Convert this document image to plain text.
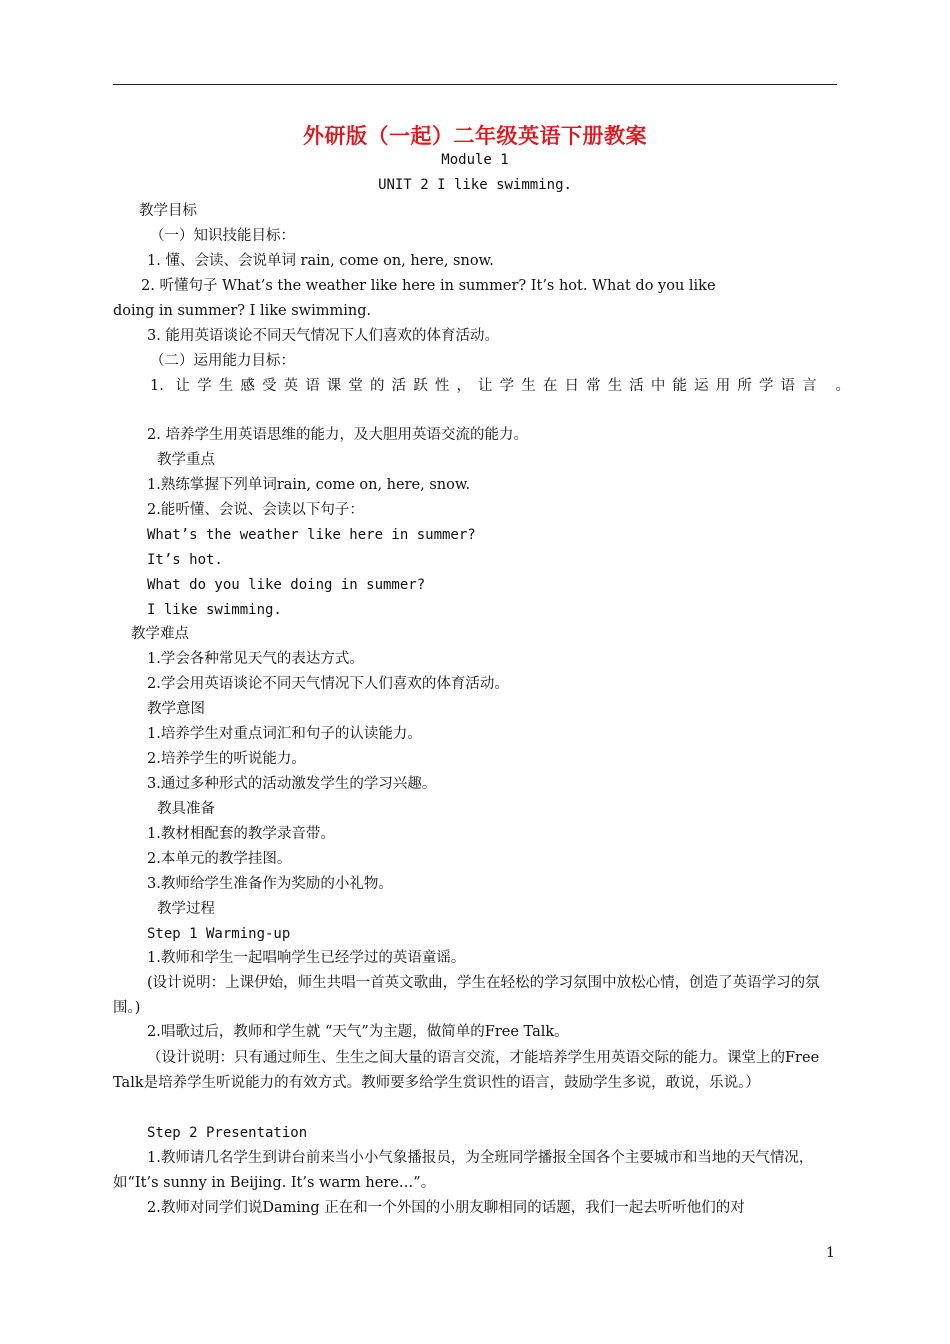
外研版（一起）二年级英语下册教案
Module 1
UNIT 2 I like swimming.
教学目标
（一）知识技能目标：
1. 懂、会读、会说单词 rain, come on, here, snow.
2. 听懂句子 What’s the weather like here in summer? It’s hot. What do you like
doing in summer? I like swimming.
3. 能用英语谈论不同天气情况下人们喜欢的体育活动。
（二）运用能力目标：
1. 让学生感受英语课堂的活跃性，让学生在日常生活中能运用所学语言 。
2. 培养学生用英语思维的能力，及大胆用英语交流的能力。
教学重点
1.熟练掌握下列单词rain, come on, here, snow.
2.能听懂、会说、会读以下句子：
What’s the weather like here in summer?
It’s hot.
What do you like doing in summer?
I like swimming.
教学难点
1.学会各种常见天气的表达方式。
2.学会用英语谈论不同天气情况下人们喜欢的体育活动。
教学意图
1.培养学生对重点词汇和句子的认读能力。
2.培养学生的听说能力。
3.通过多种形式的活动激发学生的学习兴趣。
教具准备
1.教材相配套的教学录音带。
2.本单元的教学挂图。
3.教师给学生准备作为奖励的小礼物。
教学过程
Step 1 Warming-up
1.教师和学生一起唱响学生已经学过的英语童谣。
(设计说明：上课伊始，师生共唱一首英文歌曲，学生在轻松的学习氛围中放松心情，创造了英语学习的氛围。)
2.唱歌过后，教师和学生就 “天气”为主题，做简单的Free Talk。
（设计说明：只有通过师生、生生之间大量的语言交流，才能培养学生用英语交际的能力。课堂上的Free Talk是培养学生听说能力的有效方式。教师要多给学生赏识性的语言，鼓励学生多说，敢说，乐说。）
Step 2 Presentation
1.教师请几名学生到讲台前来当小小气象播报员，为全班同学播报全国各个主要城市和当地的天气情况，如“It’s sunny in Beijing. It’s warm here…”。
2.教师对同学们说Daming 正在和一个外国的小朋友聊相同的话题，我们一起去听听他们的对
1
